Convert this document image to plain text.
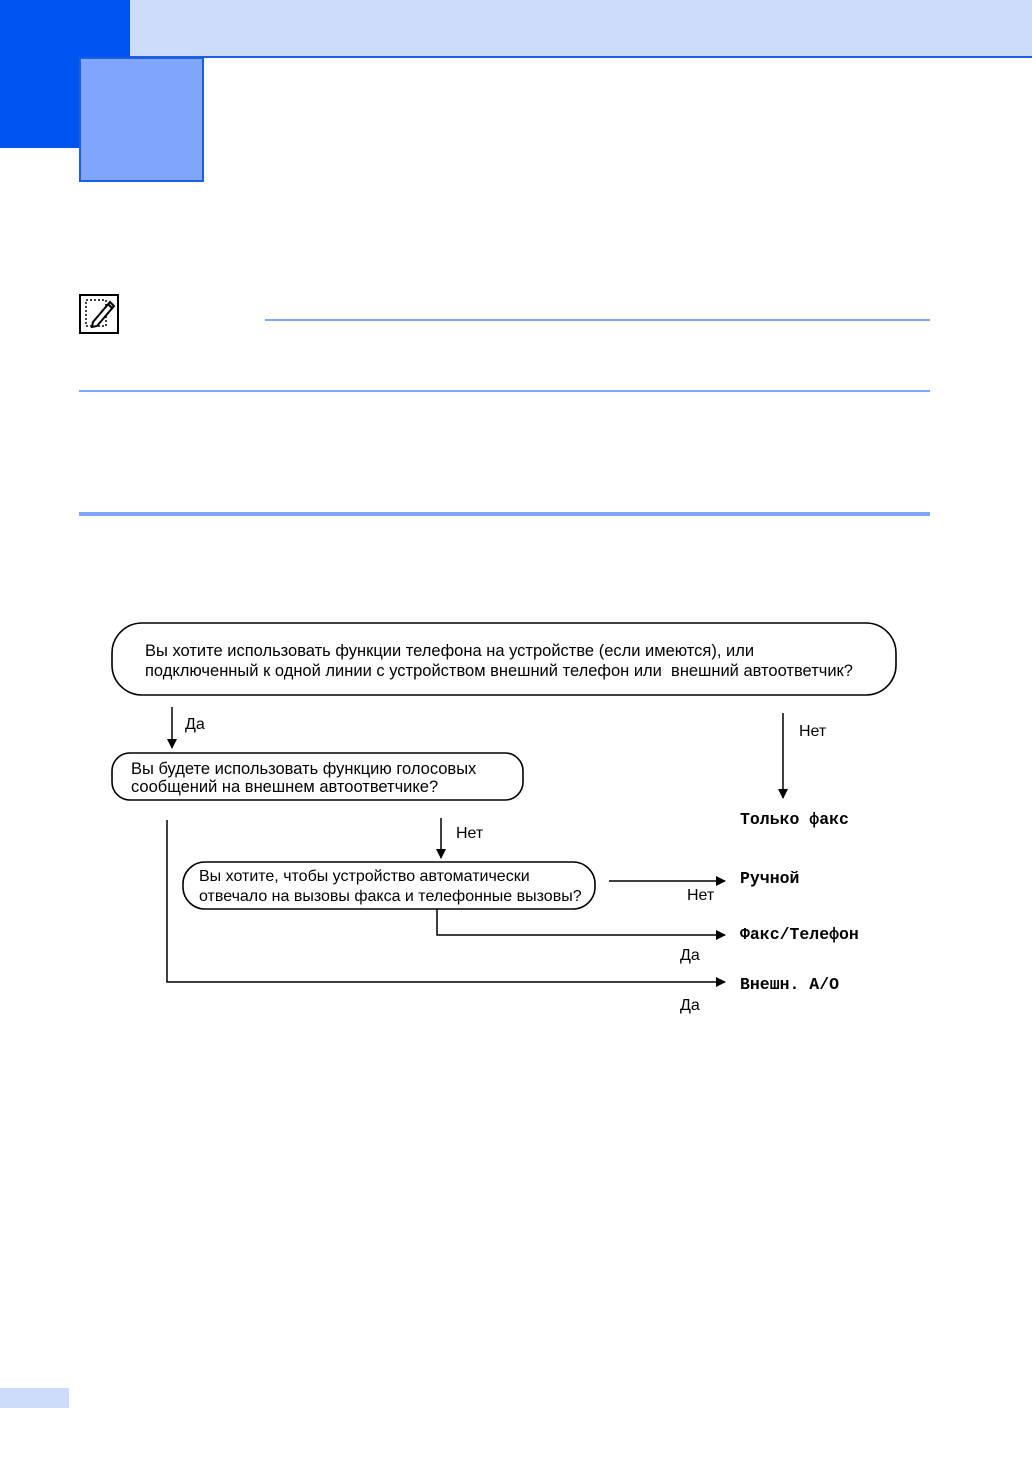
Вы хотите использовать функции телефона на устройстве (если имеются), или
подключенный к одной линии с устройством внешний телефон или  внешний автоответчик?
Вы будете использовать функцию голосовых
сообщений на внешнем автоответчике?
Вы хотите, чтобы устройство автоматически
отвечало на вызовы факса и телефонные вызовы?
Да	Нет
Нет
Нет
Да
Да
Только факс
Ручной
Факс/Телефон
Внешн. А/О
